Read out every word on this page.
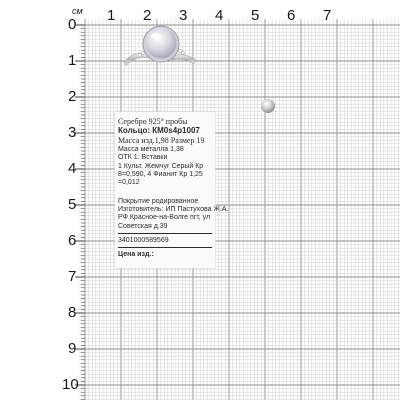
0
1
2
3
4
5
6
7
8
9
10
1 2 3 4 5 6 7
см
Серебро 925° пробы
Кольцо: КМ0s4p1007
Масса изд.1,98 Размер 19
Масса металла 1,38
ОТК 1: Вставки
1 Культ. Жемчуг Серый Кр
8=0,590, 4 Фианит Кр 1,25
=0,012
Покрытие родированное
Изготовитель: ИП Пастухова Ж.А.
РФ Красное-на-Волге пгт, ул
Советская д.39
3401000589569
Цена изд.:
